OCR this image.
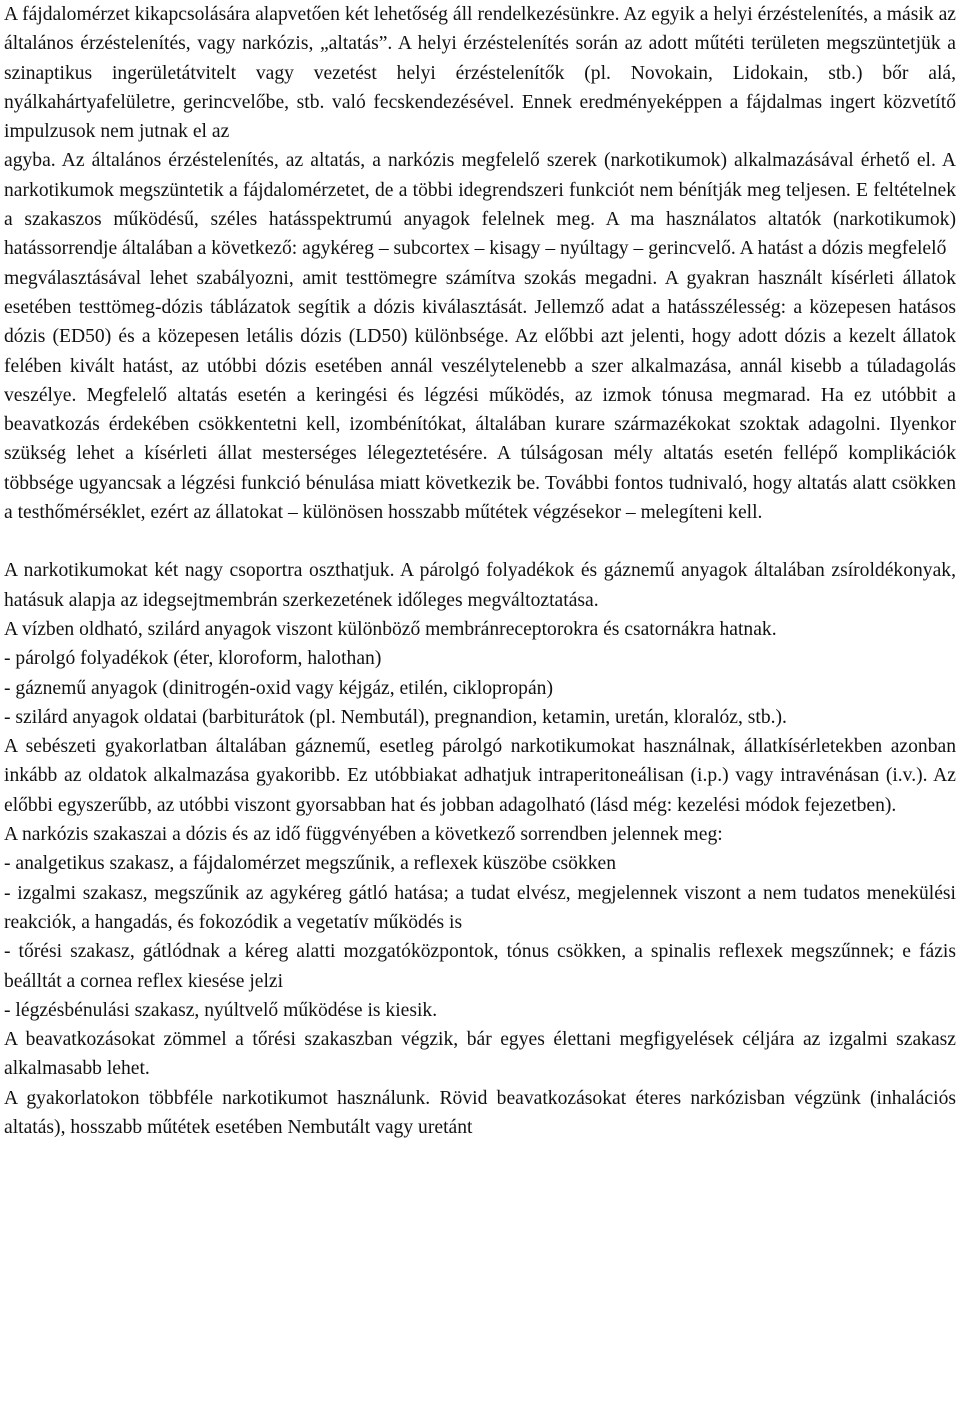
A fájdalomérzet kikapcsolására alapvetően két lehetőség áll rendelkezésünkre. Az egyik a helyi érzéstelenítés, a másik az általános érzéstelenítés, vagy narkózis, „altatás”. A helyi érzéstelenítés során az adott műtéti területen megszüntetjük a szinaptikus ingerületátvitelt vagy vezetést helyi érzéstelenítők (pl. Novokain, Lidokain, stb.) bőr alá, nyálkahártyafelületre, gerincvelőbe, stb. való fecskendezésével. Ennek eredményeképpen a fájdalmas ingert közvetítő impulzusok nem jutnak el az

agyba. Az általános érzéstelenítés, az altatás, a narkózis megfelelő szerek (narkotikumok) alkalmazásával érhető el. A narkotikumok megszüntetik a fájdalomérzetet, de a többi idegrendszeri funkciót nem bénítják meg teljesen. E feltételnek a szakaszos működésű, széles hatásspektrumú anyagok felelnek meg. A ma használatos altatók (narkotikumok) hatássorrendje általában a következő: agykéreg – subcortex – kisagy – nyúltagy – gerincvelő. A hatást a dózis megfelelő

megválasztásával lehet szabályozni, amit testtömegre számítva szokás megadni. A gyakran használt kísérleti állatok esetében testtömeg-dózis táblázatok segítik a dózis kiválasztását. Jellemző adat a hatásszélesség: a közepesen hatásos dózis (ED50) és a közepesen letális dózis (LD50) különbsége. Az előbbi azt jelenti, hogy adott dózis a kezelt állatok felében kivált hatást, az utóbbi dózis esetében annál veszélytelenebb a szer alkalmazása, annál kisebb a túladagolás veszélye. Megfelelő altatás esetén a keringési és légzési működés, az izmok tónusa megmarad. Ha ez utóbbit a beavatkozás érdekében csökkentetni kell, izombénítókat, általában kurare származékokat szoktak adagolni. Ilyenkor szükség lehet a kísérleti állat mesterséges lélegeztetésére. A túlságosan mély altatás esetén fellépő komplikációk többsége ugyancsak a légzési funkció bénulása miatt következik be. További fontos tudnivaló, hogy altatás alatt csökken a testhőmérséklet, ezért az állatokat – különösen hosszabb műtétek végzésekor – melegíteni kell.

A narkotikumokat két nagy csoportra oszthatjuk. A párolgó folyadékok és gáznemű anyagok általában zsíroldékonyak, hatásuk alapja az idegsejtmembrán szerkezetének időleges megváltoztatása.

A vízben oldható, szilárd anyagok viszont különböző membránreceptorokra és csatornákra hatnak.

- párolgó folyadékok (éter, kloroform, halothan)

- gáznemű anyagok (dinitrogén-oxid vagy kéjgáz, etilén, ciklopropán)

- szilárd anyagok oldatai (barbiturátok (pl. Nembutál), pregnandion, ketamin, uretán, kloralóz, stb.).

A sebészeti gyakorlatban általában gáznemű, esetleg párolgó narkotikumokat használnak, állatkísérletekben azonban inkább az oldatok alkalmazása gyakoribb. Ez utóbbiakat adhatjuk intraperitoneálisan (i.p.) vagy intravénásan (i.v.). Az előbbi egyszerűbb, az utóbbi viszont gyorsabban hat és jobban adagolható (lásd még: kezelési módok fejezetben).

A narkózis szakaszai a dózis és az idő függvényében a következő sorrendben jelennek meg:

- analgetikus szakasz, a fájdalomérzet megszűnik, a reflexek küszöbe csökken

- izgalmi szakasz, megszűnik az agykéreg gátló hatása; a tudat elvész, megjelennek viszont a nem tudatos menekülési reakciók, a hangadás, és fokozódik a vegetatív működés is

- tőrési szakasz, gátlódnak a kéreg alatti mozgatóközpontok, tónus csökken, a spinalis reflexek megszűnnek; e fázis beálltát a cornea reflex kiesése jelzi

- légzésbénulási szakasz, nyúltvelő működése is kiesik.

A beavatkozásokat zömmel a tőrési szakaszban végzik, bár egyes élettani megfigyelések céljára az izgalmi szakasz alkalmasabb lehet.

A gyakorlatokon többféle narkotikumot használunk. Rövid beavatkozásokat éteres narkózisban végzünk (inhalációs altatás), hosszabb műtétek esetében Nembutált vagy uretánt
